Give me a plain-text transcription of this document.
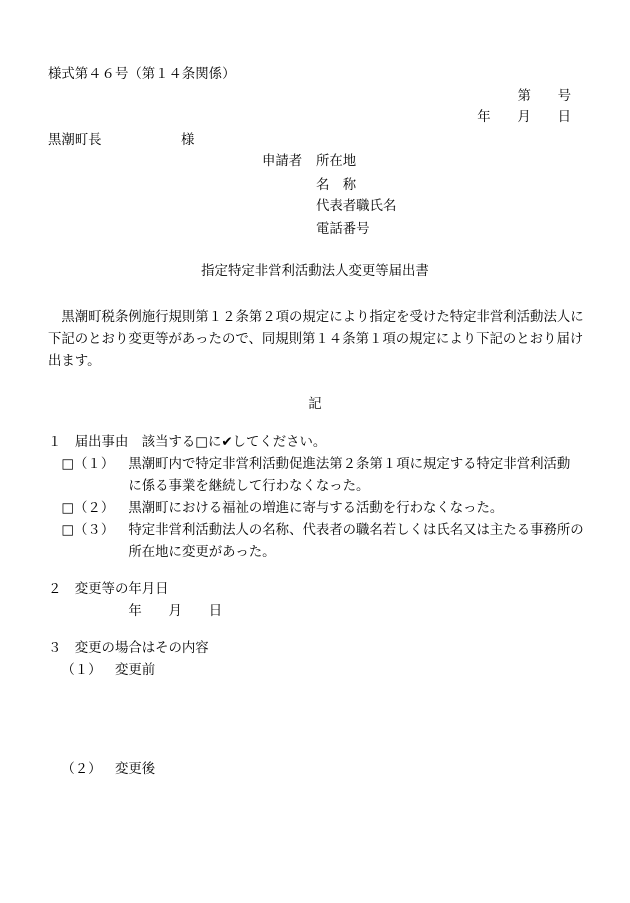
様式第４６号（第１４条関係）
第　　号
年　　月　　日
黒潮町長	様
申請者 所在地
名　称
代表者職氏名
電話番号
指定特定非営利活動法人変更等届出書
　黒潮町税条例施行規則第１２条第２項の規定により指定を受けた特定非営利活動法人に
下記のとおり変更等があったので、同規則第１４条第１項の規定により下記のとおり届け
出ます。
記
１ 届出事由 該当する□に✔してください。
□（１） 黒潮町内で特定非営利活動促進法第２条第１項に規定する特定非営利活動
に係る事業を継続して行わなくなった。
□（２） 黒潮町における福祉の増進に寄与する活動を行わなくなった。
□（３） 特定非営利活動法人の名称、代表者の職名若しくは氏名又は主たる事務所の
所在地に変更があった。
２ 変更等の年月日
年　　月　　日
３ 変更の場合はその内容
（１） 変更前
（２） 変更後
